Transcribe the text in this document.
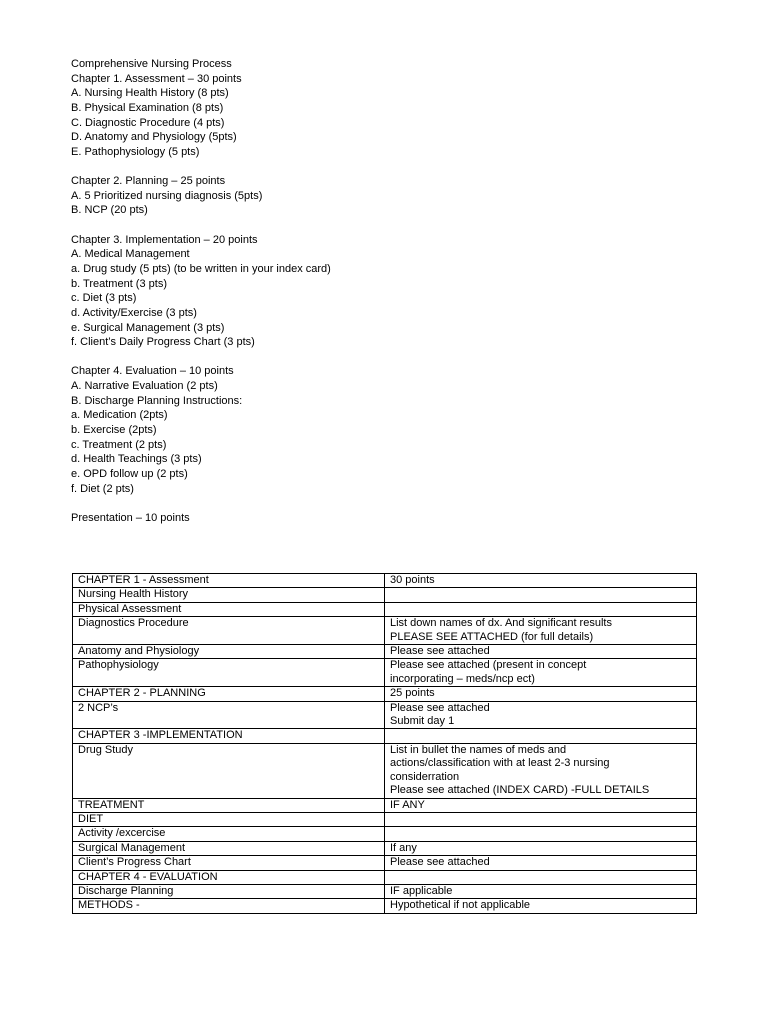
Comprehensive Nursing Process
Chapter 1. Assessment – 30 points
A. Nursing Health History (8 pts)
B. Physical Examination (8 pts)
C. Diagnostic Procedure (4 pts)
D. Anatomy and Physiology (5pts)
E. Pathophysiology (5 pts)
Chapter 2. Planning – 25 points
A. 5 Prioritized nursing diagnosis (5pts)
B. NCP (20 pts)
Chapter 3. Implementation – 20 points
A. Medical Management
a. Drug study (5 pts) (to be written in your index card)
b. Treatment (3 pts)
c. Diet (3 pts)
d. Activity/Exercise (3 pts)
e. Surgical Management (3 pts)
f. Client’s Daily Progress Chart (3 pts)
Chapter 4. Evaluation – 10 points
A. Narrative Evaluation (2 pts)
B. Discharge Planning Instructions:
a. Medication (2pts)
b. Exercise (2pts)
c. Treatment (2 pts)
d. Health Teachings (3 pts)
e. OPD follow up (2 pts)
f. Diet (2 pts)
Presentation – 10 points
CHAPTER 1 - Assessment	30 points

Nursing Health History	

Physical Assessment	

Diagnostics Procedure	List down names of dx. And significant results
PLEASE SEE ATTACHED (for full details)

Anatomy and Physiology	Please see attached

Pathophysiology	Please see attached (present in concept
incorporating – meds/ncp ect)

CHAPTER 2 - PLANNING	25 points

2 NCP’s	Please see attached
Submit day 1

CHAPTER 3 -IMPLEMENTATION	

Drug Study	List in bullet the names of meds and
actions/classification with at least 2-3 nursing
considerration
Please see attached (INDEX CARD) -FULL DETAILS

TREATMENT	IF ANY

DIET	

Activity /excercise	

Surgical Management	If any

Client’s Progress Chart	Please see attached

CHAPTER 4 - EVALUATION	

Discharge Planning	IF applicable

METHODS -	Hypothetical if not applicable
